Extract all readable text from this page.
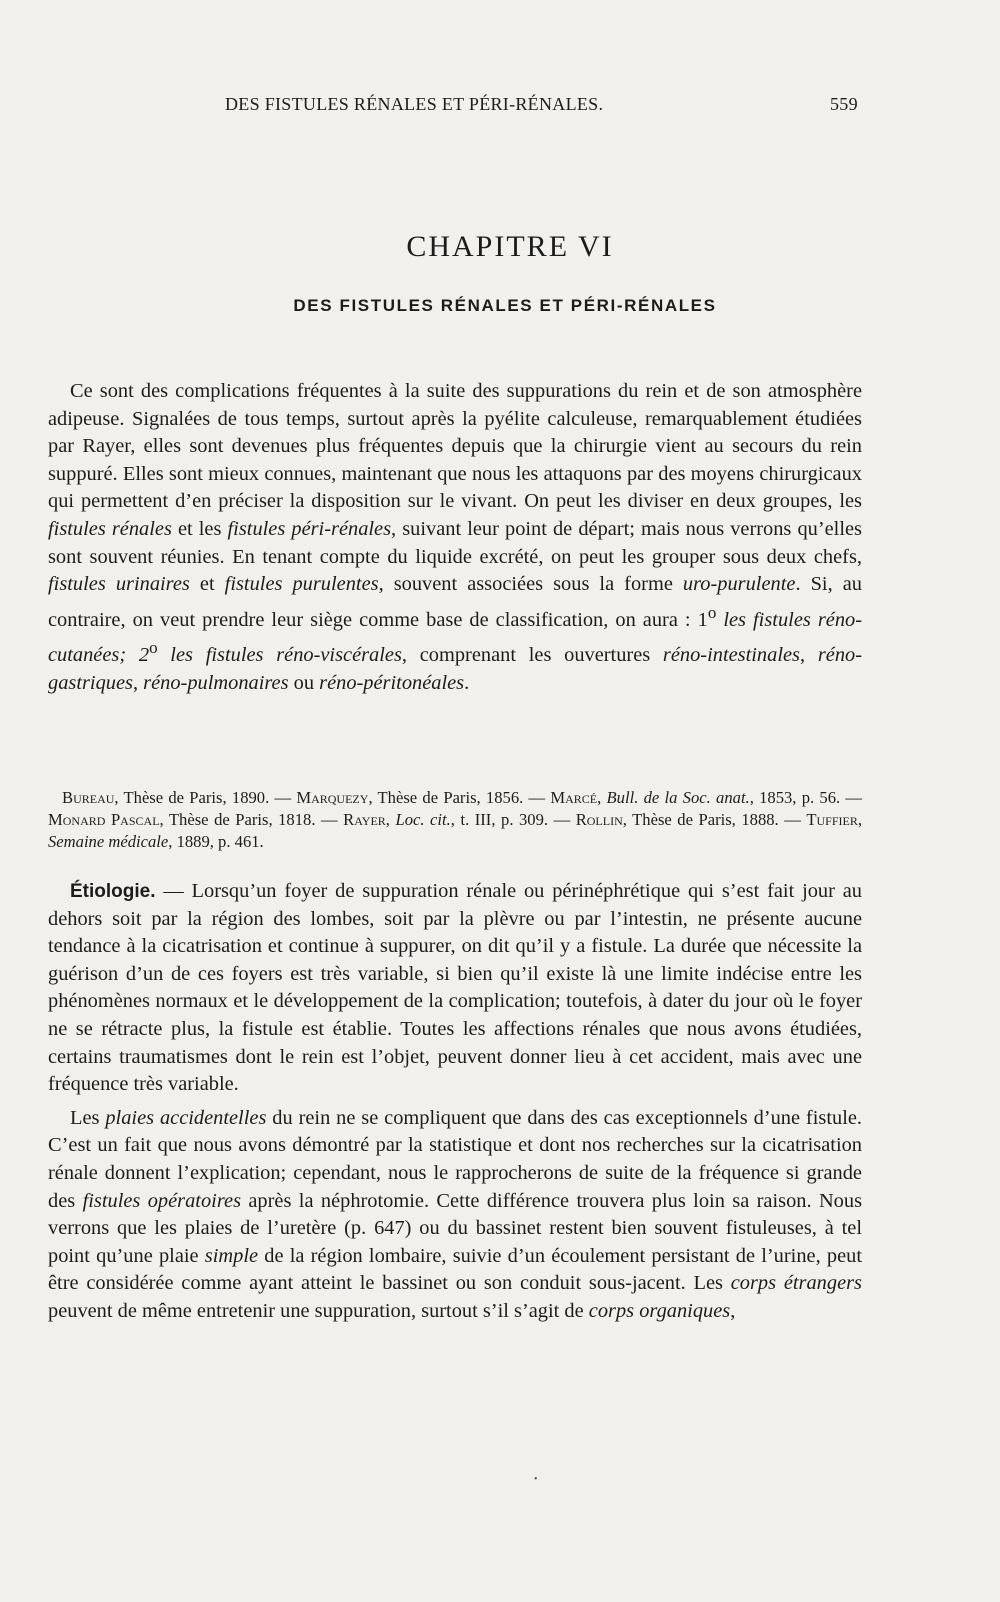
DES FISTULES RÉNALES ET PÉRI-RÉNALES.	559
CHAPITRE VI
DES FISTULES RÉNALES ET PÉRI-RÉNALES

Ce sont des complications fréquentes à la suite des suppurations du rein et de son atmosphère adipeuse. Signalées de tous temps, surtout après la pyélite calculeuse, remarquablement étudiées par Rayer, elles sont devenues plus fréquentes depuis que la chirurgie vient au secours du rein suppuré. Elles sont mieux connues, maintenant que nous les attaquons par des moyens chirurgicaux qui permettent d’en préciser la disposition sur le vivant. On peut les diviser en deux groupes, les fistules rénales et les fistules péri-rénales, suivant leur point de départ; mais nous verrons qu’elles sont souvent réunies. En tenant compte du liquide excrété, on peut les grouper sous deux chefs, fistules urinaires et fistules purulentes, souvent associées sous la forme uro-purulente. Si, au contraire, on veut prendre leur siège comme base de classification, on aura : 1$^o$ les fistules réno-cutanées; 2$^o$ les fistules réno-viscérales, comprenant les ouvertures réno-intestinales, réno-gastriques, réno-pulmonaires ou réno-péritonéales.

Bureau, Thèse de Paris, 1890. — Marquezy, Thèse de Paris, 1856. — Marcé, Bull. de la Soc. anat., 1853, p. 56. — Monard Pascal, Thèse de Paris, 1818. — Rayer, Loc. cit., t. III, p. 309. — Rollin, Thèse de Paris, 1888. — Tuffier, Semaine médicale, 1889, p. 461.

Étiologie. — Lorsqu’un foyer de suppuration rénale ou périnéphrétique qui s’est fait jour au dehors soit par la région des lombes, soit par la plèvre ou par l’intestin, ne présente aucune tendance à la cicatrisation et continue à suppurer, on dit qu’il y a fistule. La durée que nécessite la guérison d’un de ces foyers est très variable, si bien qu’il existe là une limite indécise entre les phénomènes normaux et le développement de la complication; toutefois, à dater du jour où le foyer ne se rétracte plus, la fistule est établie. Toutes les affections rénales que nous avons étudiées, certains traumatismes dont le rein est l’objet, peuvent donner lieu à cet accident, mais avec une fréquence très variable.

Les plaies accidentelles du rein ne se compliquent que dans des cas exceptionnels d’une fistule. C’est un fait que nous avons démontré par la statistique et dont nos recherches sur la cicatrisation rénale donnent l’explication; cependant, nous le rapprocherons de suite de la fréquence si grande des fistules opératoires après la néphrotomie. Cette différence trouvera plus loin sa raison. Nous verrons que les plaies de l’uretère (p. 647) ou du bassinet restent bien souvent fistuleuses, à tel point qu’une plaie simple de la région lombaire, suivie d’un écoulement persistant de l’urine, peut être considérée comme ayant atteint le bassinet ou son conduit sous-jacent. Les corps étrangers peuvent de même entretenir une suppuration, surtout s’il s’agit de corps organiques,

•
